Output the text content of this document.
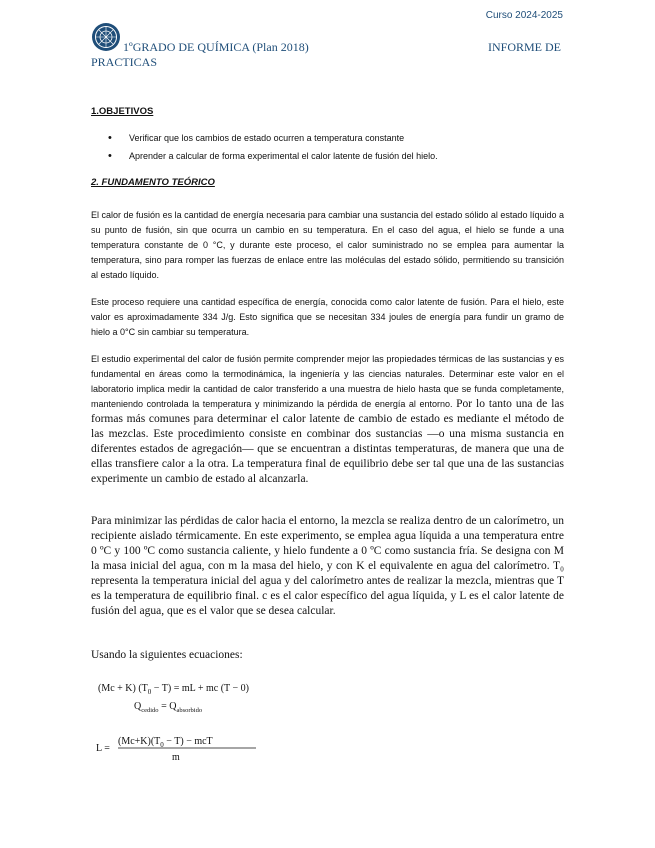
Curso 2024-2025
1ºGRADO DE QUÍMICA (Plan 2018)	INFORME DE
PRACTICAS
1.OBJETIVOS
• Verificar que los cambios de estado ocurren a temperatura constante
• Aprender a calcular de forma experimental el calor latente de fusión del hielo.
2. FUNDAMENTO TEÓRICO

El calor de fusión es la cantidad de energía necesaria para cambiar una sustancia del estado sólido al estado líquido a su punto de fusión, sin que ocurra un cambio en su temperatura. En el caso del agua, el hielo se funde a una temperatura constante de 0 °C, y durante este proceso, el calor suministrado no se emplea para aumentar la temperatura, sino para romper las fuerzas de enlace entre las moléculas del estado sólido, permitiendo su transición al estado líquido.

Este proceso requiere una cantidad específica de energía, conocida como calor latente de fusión. Para el hielo, este valor es aproximadamente 334 J/g. Esto significa que se necesitan 334 joules de energía para fundir un gramo de hielo a 0°C sin cambiar su temperatura.

El estudio experimental del calor de fusión permite comprender mejor las propiedades térmicas de las sustancias y es fundamental en áreas como la termodinámica, la ingeniería y las ciencias naturales. Determinar este valor en el laboratorio implica medir la cantidad de calor transferido a una muestra de hielo hasta que se funda completamente, manteniendo controlada la temperatura y minimizando la pérdida de energía al entorno. Por lo tanto una de las formas más comunes para determinar el calor latente de cambio de estado es mediante el método de las mezclas. Este procedimiento consiste en combinar dos sustancias —o una misma sustancia en diferentes estados de agregación— que se encuentran a distintas temperaturas, de manera que una de ellas transfiere calor a la otra. La temperatura final de equilibrio debe ser tal que una de las sustancias experimente un cambio de estado al alcanzarla.

Para minimizar las pérdidas de calor hacia el entorno, la mezcla se realiza dentro de un calorímetro, un recipiente aislado térmicamente. En este experimento, se emplea agua líquida a una temperatura entre 0 ºC y 100 ºC como sustancia caliente, y hielo fundente a 0 ºC como sustancia fría. Se designa con M la masa inicial del agua, con m la masa del hielo, y con K el equivalente en agua del calorímetro. T₀ representa la temperatura inicial del agua y del calorímetro antes de realizar la mezcla, mientras que T es la temperatura de equilibrio final. c es el calor específico del agua líquida, y L es el calor latente de fusión del agua, que es el valor que se desea calcular.

Usando la siguientes ecuaciones:

(Mc + K) $(T_0 - T)$ = mL + mc (T − 0)
$Q_{cedido} = Q_{absorbido}$
L =
$(Mc+K)(T_0 - T)$ − mcT
m
